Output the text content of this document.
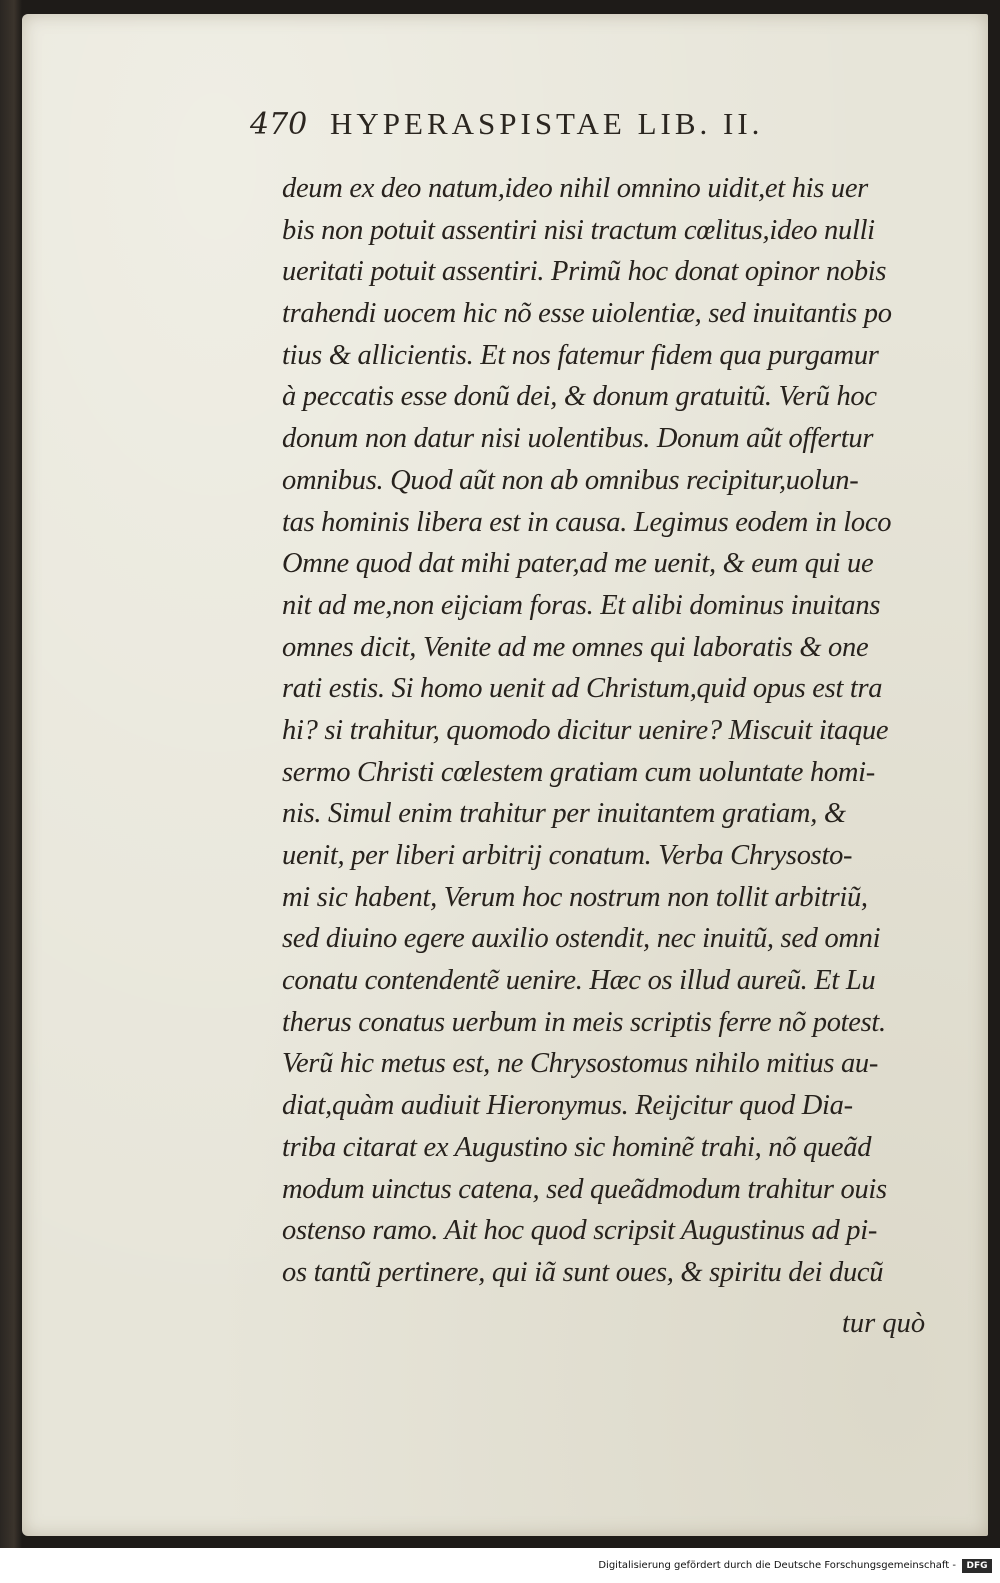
470 HYPERASPISTAE LIB. II.
deum ex deo natum,ideo nihil omnino uidit,et his uer
bis non potuit assentiri nisi tractum cœlitus,ideo nulli
ueritati potuit assentiri. Primũ hoc donat opinor nobis
trahendi uocem hic nõ esse uiolentiæ, sed inuitantis po
tius & allicientis. Et nos fatemur fidem qua purgamur
à peccatis esse donũ dei, & donum gratuitũ. Verũ hoc
donum non datur nisi uolentibus. Donum aũt offertur
omnibus. Quod aũt non ab omnibus recipitur,uolun-
tas hominis libera est in causa. Legimus eodem in loco
Omne quod dat mihi pater,ad me uenit, & eum qui ue
nit ad me,non eijciam foras. Et alibi dominus inuitans
omnes dicit, Venite ad me omnes qui laboratis & one
rati estis. Si homo uenit ad Christum,quid opus est tra
hi? si trahitur, quomodo dicitur uenire? Miscuit itaque
sermo Christi cœlestem gratiam cum uoluntate homi-
nis. Simul enim trahitur per inuitantem gratiam, &
uenit, per liberi arbitrij conatum. Verba Chrysosto-
mi sic habent, Verum hoc nostrum non tollit arbitriũ,
sed diuino egere auxilio ostendit, nec inuitũ, sed omni
conatu contendentẽ uenire. Hæc os illud aureũ. Et Lu
therus conatus uerbum in meis scriptis ferre nõ potest.
Verũ hic metus est, ne Chrysostomus nihilo mitius au-
diat,quàm audiuit Hieronymus. Reijcitur quod Dia-
triba citarat ex Augustino sic hominẽ trahi, nõ queãd
modum uinctus catena, sed queãdmodum trahitur ouis
ostenso ramo. Ait hoc quod scripsit Augustinus ad pi-
os tantũ pertinere, qui iã sunt oues, & spiritu dei ducũ
tur quò
Digitalisierung gefördert durch die Deutsche Forschungsgemeinschaft -	DFG
